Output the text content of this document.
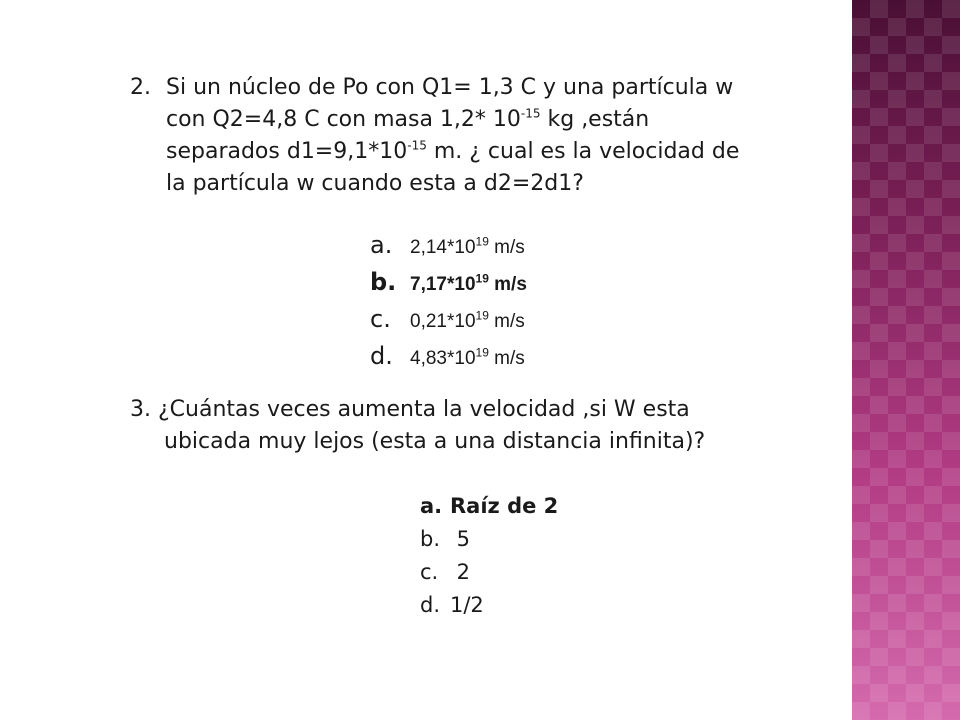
2. Si un núcleo de Po con Q1= 1,3 C y una partícula w
con Q2=4,8 C con masa 1,2* $10^{-15}$ kg ,están
separados $d1=9,1*10^{-15}$ m. ¿ cual es la velocidad de
la partícula w cuando esta a d2=2d1?
a. $2,14*10^{19}$ m/s
b. $7,17*10^{19}$ m/s
c. $0,21*10^{19}$ m/s
d. $4,83*10^{19}$ m/s
3. ¿Cuántas veces aumenta la velocidad ,si W esta
ubicada muy lejos (esta a una distancia infinita)?
a. Raíz de 2
b. 5
c. 2
d. 1/2
